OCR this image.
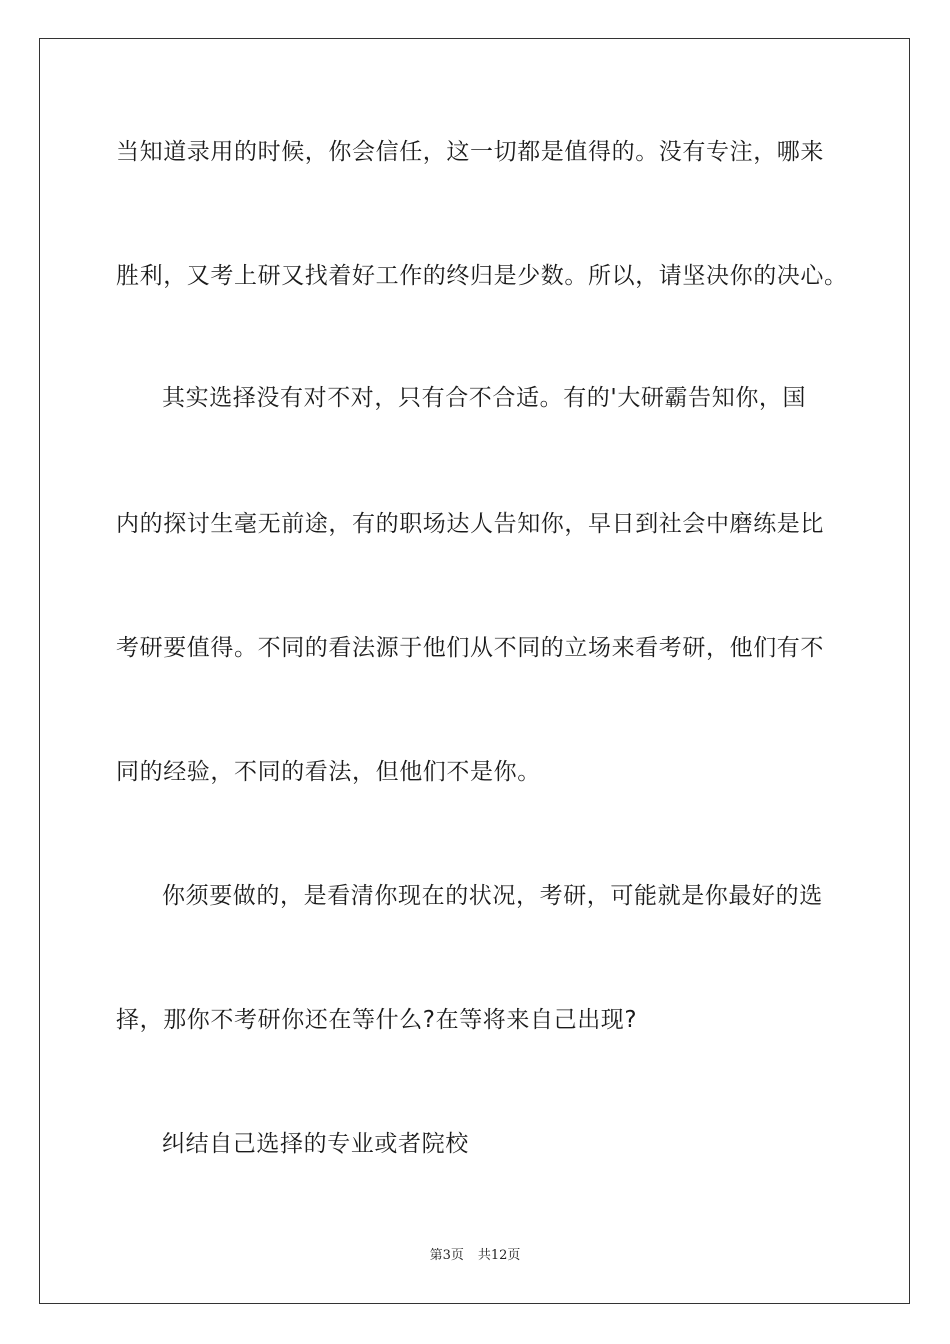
当知道录用的时候，你会信任，这一切都是值得的。没有专注，哪来
胜利，又考上研又找着好工作的终归是少数。所以，请坚决你的决心。
其实选择没有对不对，只有合不合适。有的'大研霸告知你，国
内的探讨生毫无前途，有的职场达人告知你，早日到社会中磨练是比
考研要值得。不同的看法源于他们从不同的立场来看考研，他们有不
同的经验，不同的看法，但他们不是你。
你须要做的，是看清你现在的状况，考研，可能就是你最好的选
择，那你不考研你还在等什么?在等将来自己出现?
纠结自己选择的专业或者院校
第3页 共12页
